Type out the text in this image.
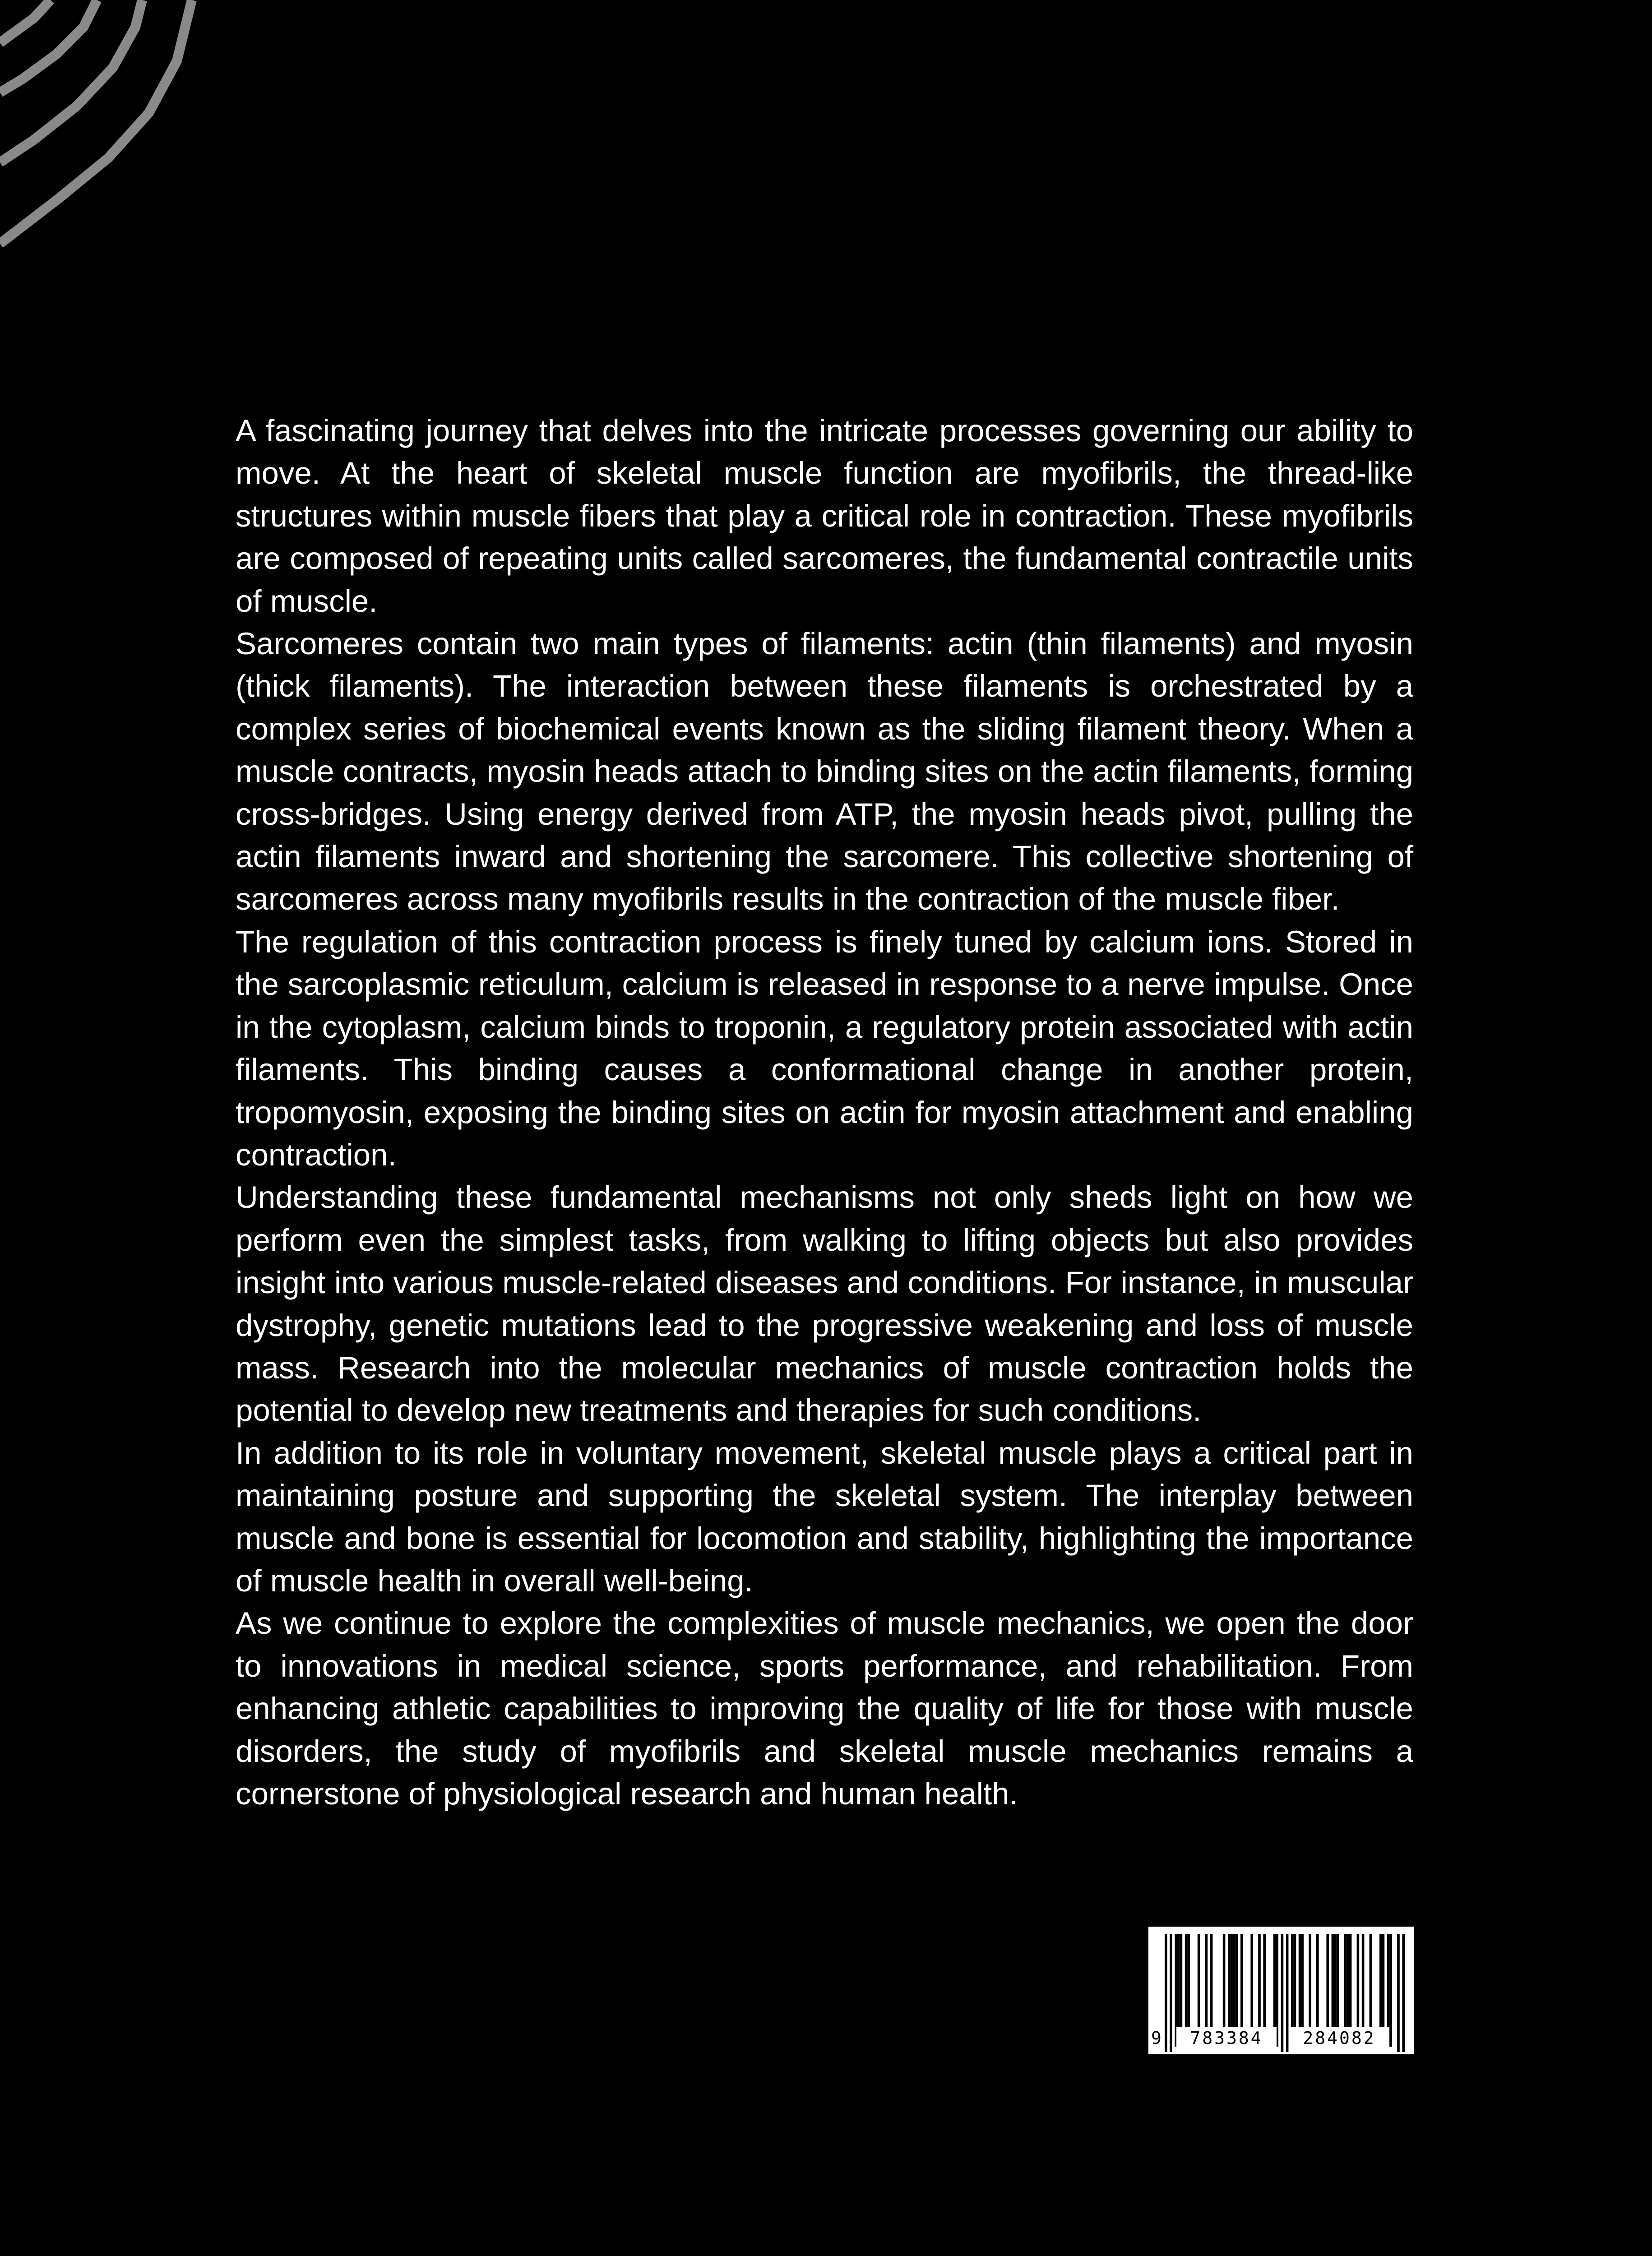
A fascinating journey that delves into the intricate processes governing our ability to move. At the heart of skeletal muscle function are myofibrils, the thread-like structures within muscle fibers that play a critical role in contraction. These myofibrils are composed of repeating units called sarcomeres, the fundamental contractile units of muscle.

Sarcomeres contain two main types of filaments: actin (thin filaments) and myosin (thick filaments). The interaction between these filaments is orchestrated by a complex series of biochemical events known as the sliding filament theory. When a muscle contracts, myosin heads attach to binding sites on the actin filaments, forming cross-bridges. Using energy derived from ATP, the myosin heads pivot, pulling the actin filaments inward and shortening the sarcomere. This collective shortening of sarcomeres across many myofibrils results in the contraction of the muscle fiber.

The regulation of this contraction process is finely tuned by calcium ions. Stored in the sarcoplasmic reticulum, calcium is released in response to a nerve impulse. Once in the cytoplasm, calcium binds to troponin, a regulatory protein associated with actin filaments. This binding causes a conformational change in another protein, tropomyosin, exposing the binding sites on actin for myosin attachment and enabling contraction.

Understanding these fundamental mechanisms not only sheds light on how we perform even the simplest tasks, from walking to lifting objects but also provides insight into various muscle-related diseases and conditions. For instance, in muscular dystrophy, genetic mutations lead to the progressive weakening and loss of muscle mass. Research into the molecular mechanics of muscle contraction holds the potential to develop new treatments and therapies for such conditions.

In addition to its role in voluntary movement, skeletal muscle plays a critical part in maintaining posture and supporting the skeletal system. The interplay between muscle and bone is essential for locomotion and stability, highlighting the importance of muscle health in overall well-being.

As we continue to explore the complexities of muscle mechanics, we open the door to innovations in medical science, sports performance, and rehabilitation. From enhancing athletic capabilities to improving the quality of life for those with muscle disorders, the study of myofibrils and skeletal muscle mechanics remains a cornerstone of physiological research and human health.

9	783384	284082
